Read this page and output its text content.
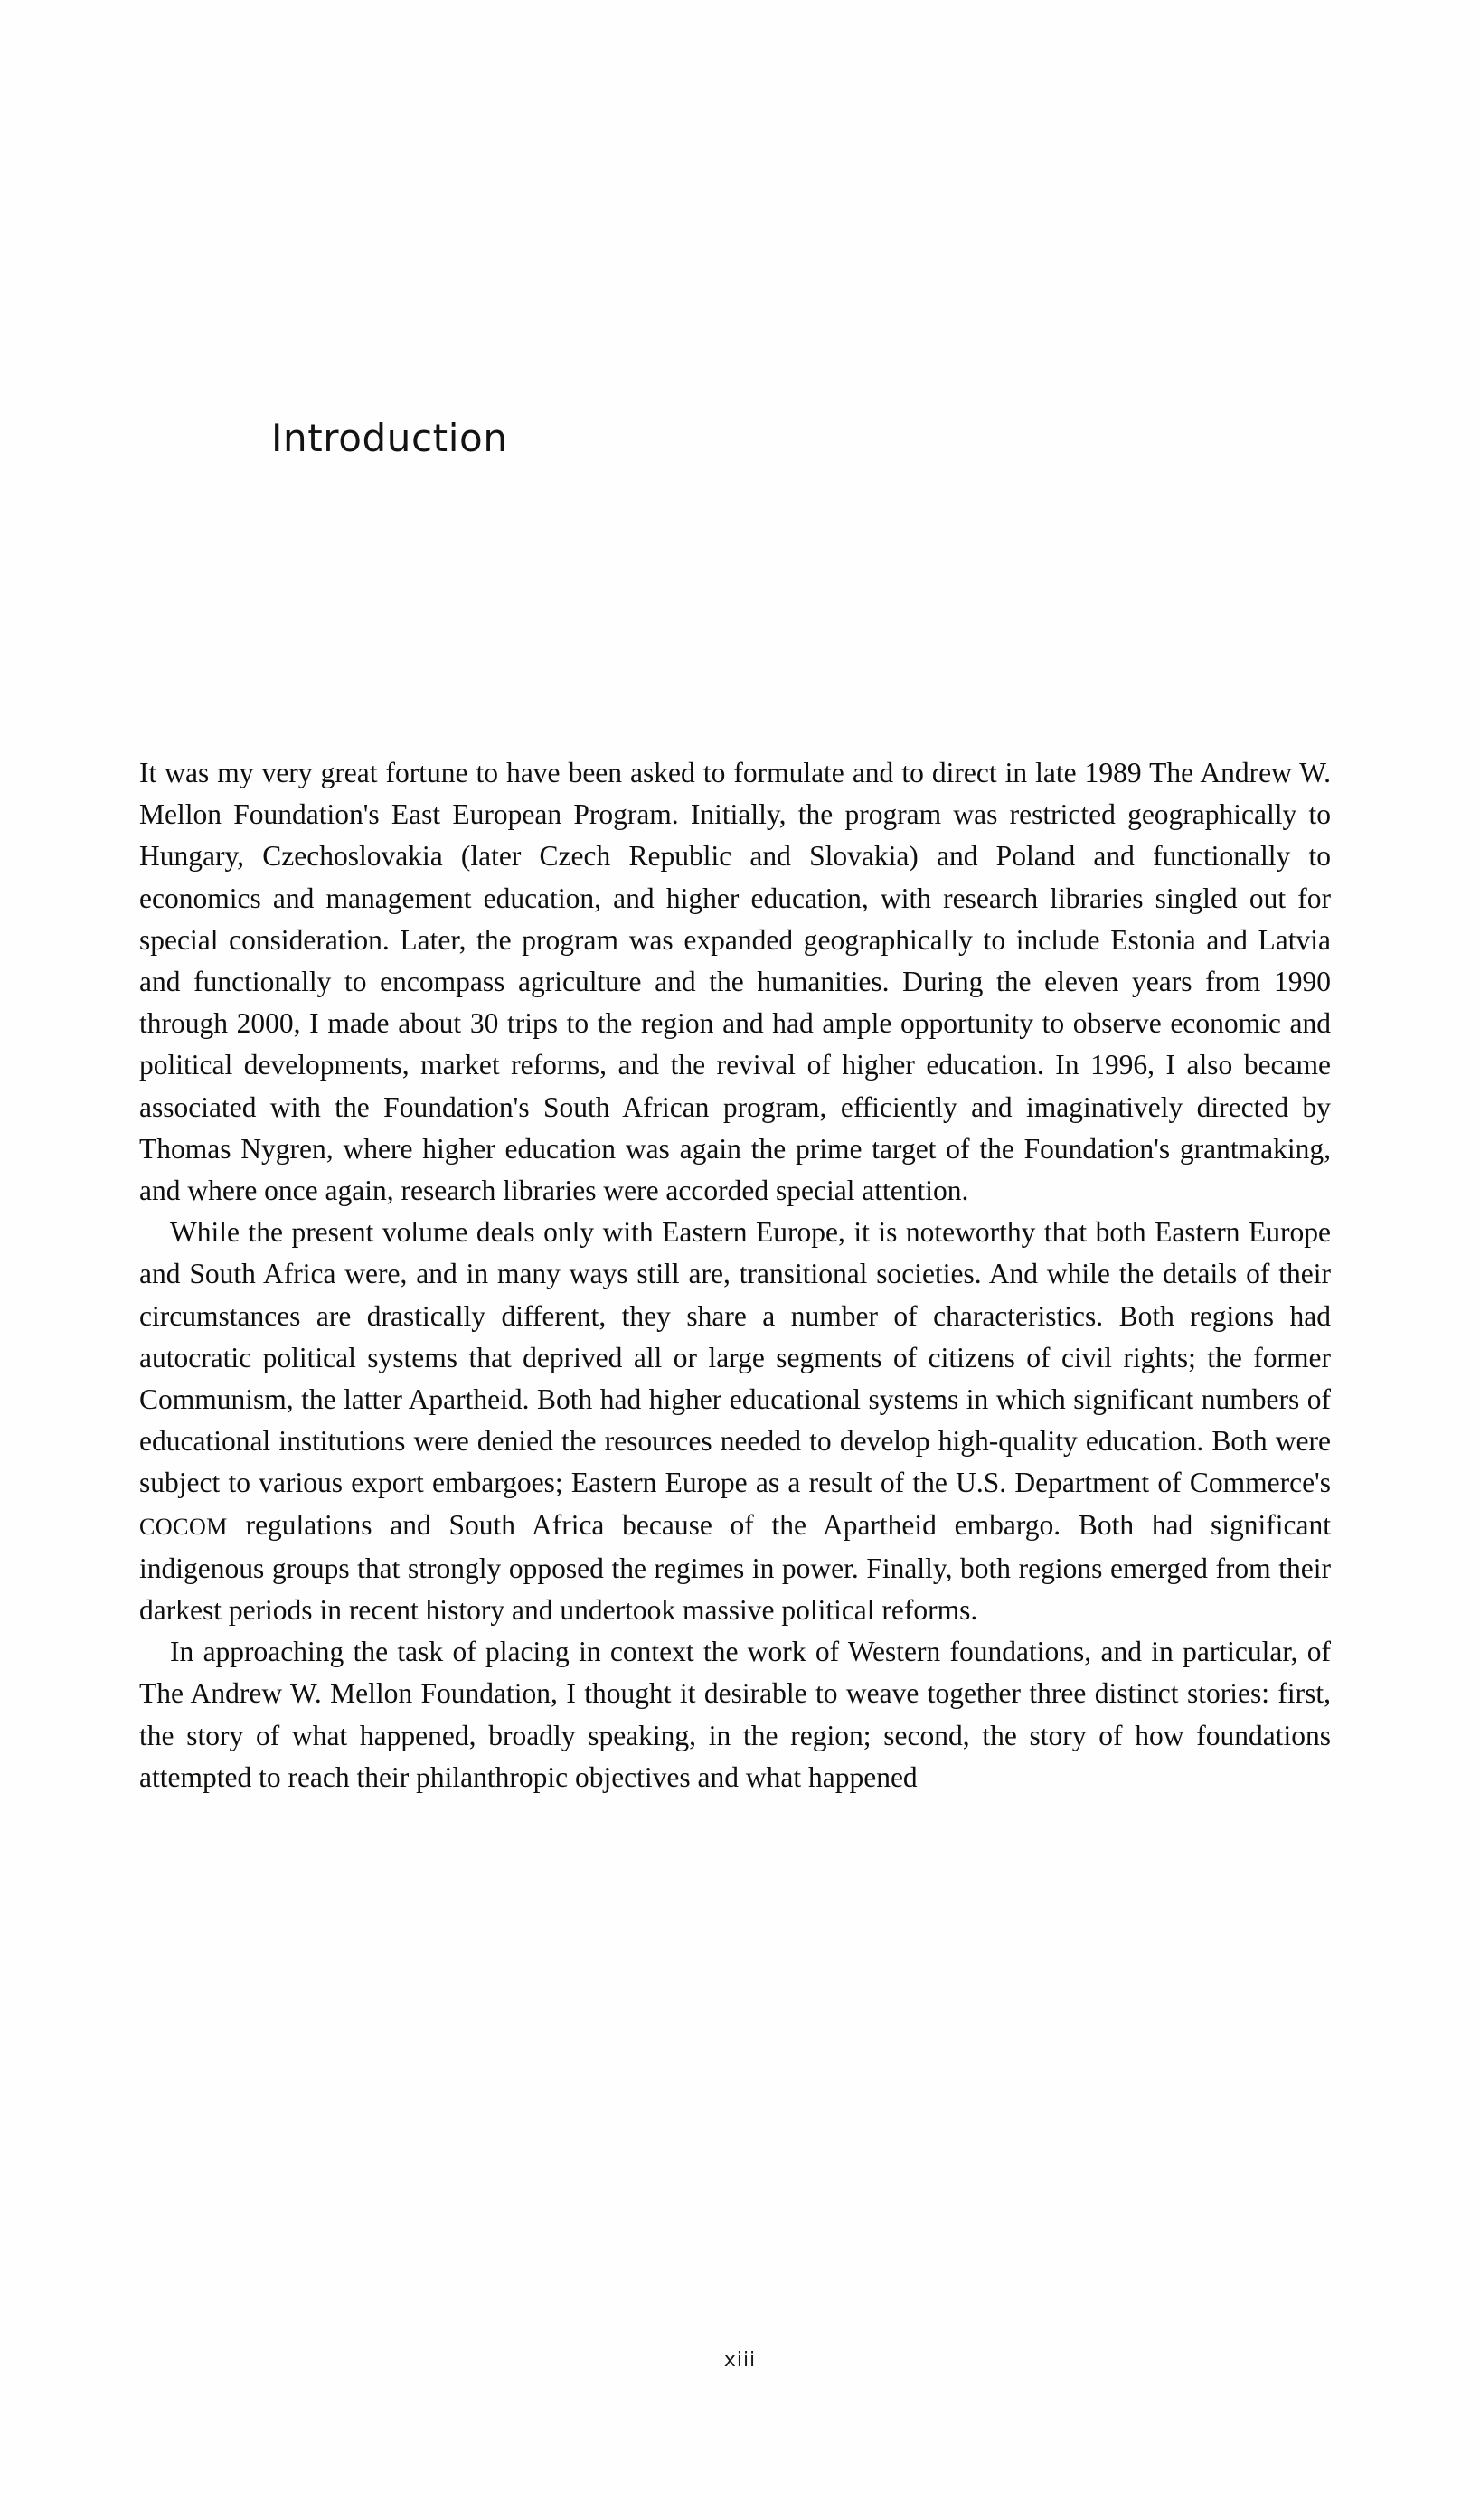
Introduction

It was my very great fortune to have been asked to formulate and to direct in late 1989 The Andrew W. Mellon Foundation's East European Program. Initially, the program was restricted geographically to Hungary, Czechoslovakia (later Czech Republic and Slovakia) and Poland and functionally to economics and management education, and higher education, with research libraries singled out for special consideration. Later, the program was expanded geographically to include Estonia and Latvia and functionally to encompass agriculture and the humanities. During the eleven years from 1990 through 2000, I made about 30 trips to the region and had ample opportunity to observe economic and political developments, market reforms, and the revival of higher education. In 1996, I also became associated with the Foundation's South African program, efficiently and imaginatively directed by Thomas Nygren, where higher education was again the prime target of the Foundation's grantmaking, and where once again, research libraries were accorded special attention.

While the present volume deals only with Eastern Europe, it is noteworthy that both Eastern Europe and South Africa were, and in many ways still are, transitional societies. And while the details of their circumstances are drastically different, they share a number of characteristics. Both regions had autocratic political systems that deprived all or large segments of citizens of civil rights; the former Communism, the latter Apartheid. Both had higher educational systems in which significant numbers of educational institutions were denied the resources needed to develop high-quality education. Both were subject to various export embargoes; Eastern Europe as a result of the U.S. Department of Commerce's COCOM regulations and South Africa because of the Apartheid embargo. Both had significant indigenous groups that strongly opposed the regimes in power. Finally, both regions emerged from their darkest periods in recent history and undertook massive political reforms.

In approaching the task of placing in context the work of Western foundations, and in particular, of The Andrew W. Mellon Foundation, I thought it desirable to weave together three distinct stories: first, the story of what happened, broadly speaking, in the region; second, the story of how foundations attempted to reach their philanthropic objectives and what happened

xiii
